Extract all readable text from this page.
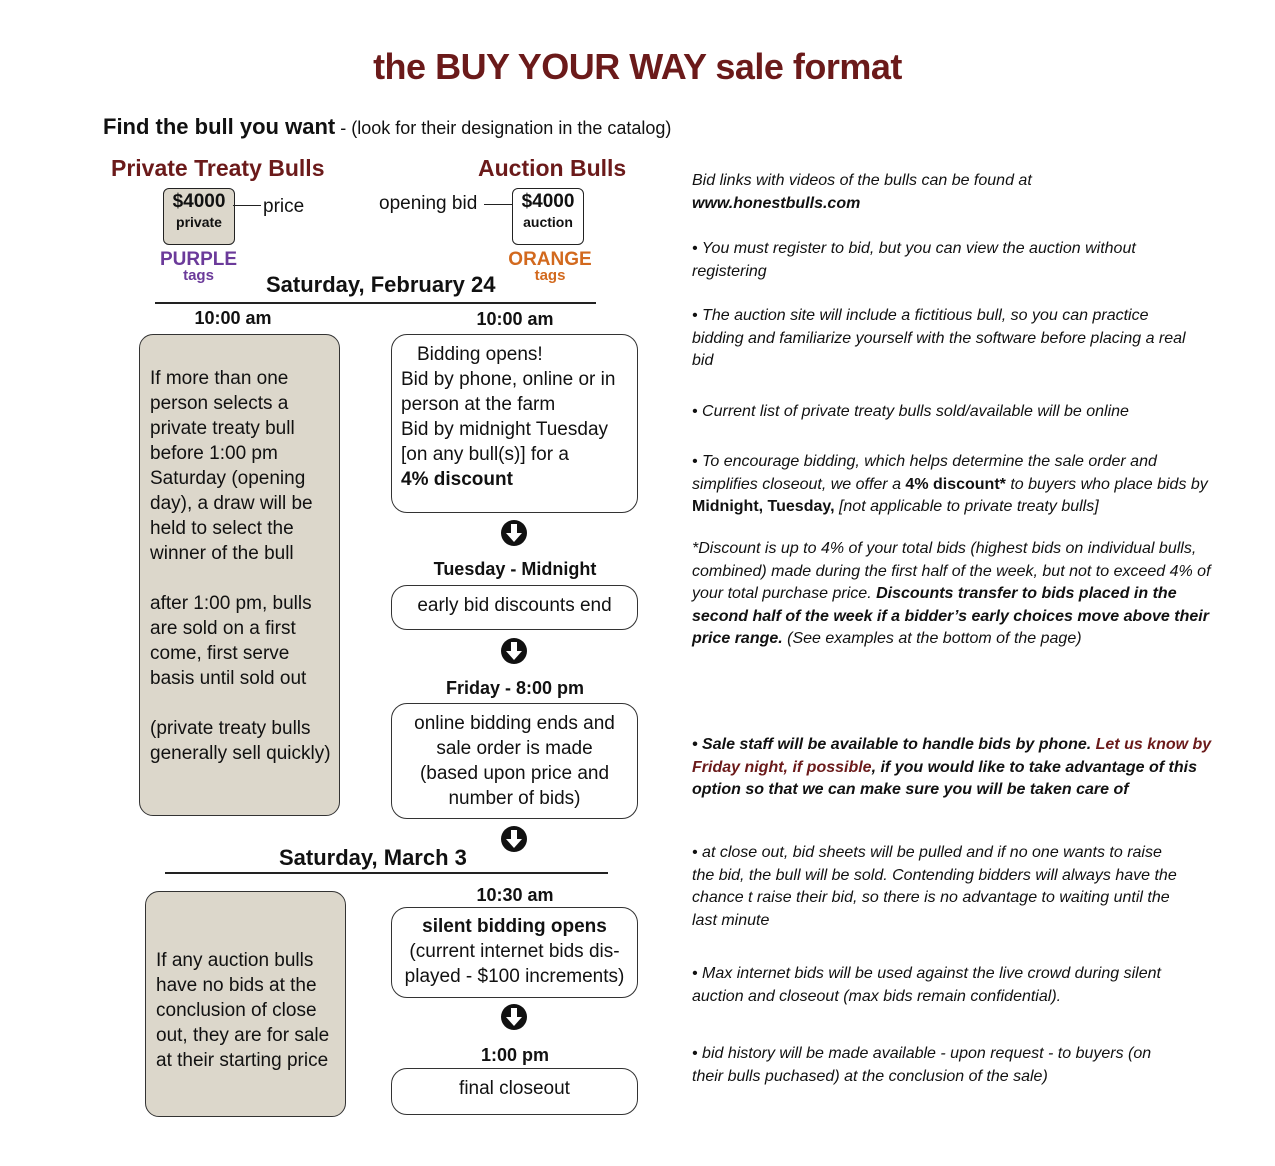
the BUY YOUR WAY sale format
Find the bull you want - (look for their designation in the catalog)
Private Treaty Bulls
$4000
private
price
PURPLE
tags
Auction Bulls
opening bid	$4000
auction
ORANGE
tags
Saturday, February 24
10:00 am	10:00 am

If more than one person selects a private treaty bull before 1:00 pm Saturday (opening day), a draw will be held to select the winner of the bull

after 1:00 pm, bulls are sold on a first come, first serve basis until sold out

(private treaty bulls generally sell quickly)

Bidding opens!

Bid by phone, online or in person at the farm

Bid by midnight Tuesday [on any bull(s)] for a

4% discount

Tuesday - Midnight
early bid discounts end
Friday - 8:00 pm
online bidding ends and sale order is made (based upon price and number of bids)
Saturday, March 3
10:30 am
If any auction bulls have no bids at the conclusion of close out, they are for sale at their starting price

silent bidding opens

(current internet bids dis-played - $100 increments)

1:00 pm
final closeout

Bid links with videos of the bulls can be found at

www.honestbulls.com

• You must register to bid, but you can view the auction without registering
• The auction site will include a fictitious bull, so you can practice bidding and familiarize yourself with the software before placing a real bid
• Current list of private treaty bulls sold/available will be online
• To encourage bidding, which helps determine the sale order and simplifies closeout, we offer a 4% discount* to buyers who place bids by Midnight, Tuesday, [not applicable to private treaty bulls]
*Discount is up to 4% of your total bids (highest bids on individual bulls, combined) made during the first half of the week, but not to exceed 4% of your total purchase price. Discounts transfer to bids placed in the second half of the week if a bidder’s early choices move above their price range. (See examples at the bottom of the page)
• Sale staff will be available to handle bids by phone. Let us know by Friday night, if possible, if you would like to take advantage of this option so that we can make sure you will be taken care of
• at close out, bid sheets will be pulled and if no one wants to raise the bid, the bull will be sold. Contending bidders will always have the chance t raise their bid, so there is no advantage to waiting until the last minute
• Max internet bids will be used against the live crowd during silent auction and closeout (max bids remain confidential).
• bid history will be made available - upon request - to buyers (on their bulls puchased) at the conclusion of the sale)
